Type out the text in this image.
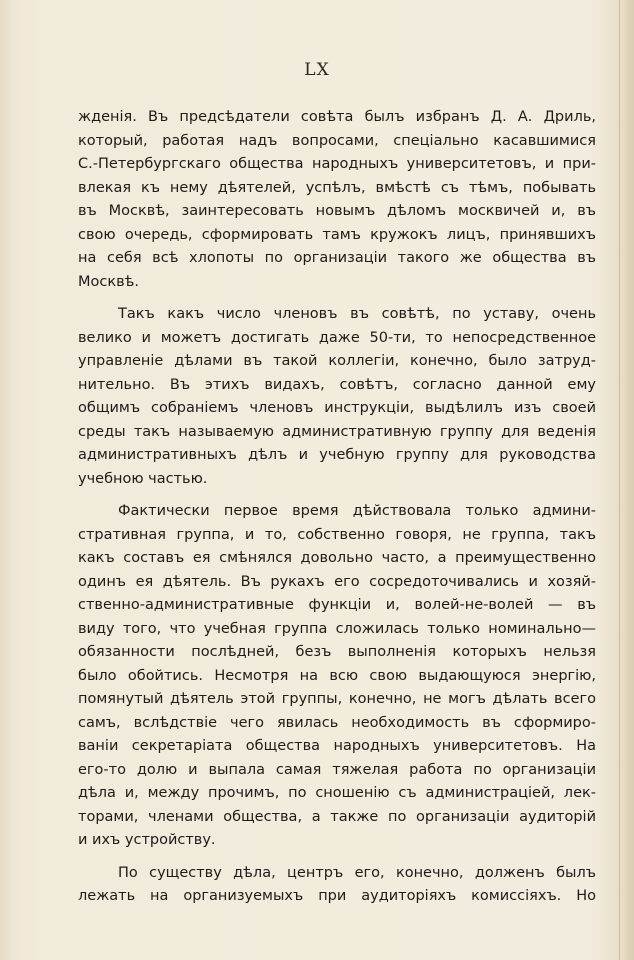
LX

жденія. Въ предсѣдатели совѣта былъ избранъ Д. А. Дриль,
который, работая надъ вопросами, спеціально касавшимися
С.-Петербургскаго общества народныхъ университетовъ, и при-
влекая къ нему дѣятелей, успѣлъ, вмѣстѣ съ тѣмъ, побывать
въ Москвѣ, заинтересовать новымъ дѣломъ москвичей и, въ
свою очередь, сформировать тамъ кружокъ лицъ, принявшихъ
на себя всѣ хлопоты по организаціи такого же общества въ
Москвѣ.

Такъ какъ число членовъ въ совѣтѣ, по уставу, очень
велико и можетъ достигать даже 50-ти, то непосредственное
управленіе дѣлами въ такой коллегіи, конечно, было затруд-
нительно. Въ этихъ видахъ, совѣтъ, согласно данной ему
общимъ собраніемъ членовъ инструкціи, выдѣлилъ изъ своей
среды такъ называемую административную группу для веденія
административныхъ дѣлъ и учебную группу для руководства
учебною частью.

Фактически первое время дѣйствовала только админи-
стративная группа, и то, собственно говоря, не группа, такъ
какъ составъ ея смѣнялся довольно часто, а преимущественно
одинъ ея дѣятель. Въ рукахъ его сосредоточивались и хозяй-
ственно-административные функціи и, волей-не-волей — въ
виду того, что учебная группа сложилась только номинально—
обязанности послѣдней, безъ выполненія которыхъ нельзя
было обойтись. Несмотря на всю свою выдающуюся энергію,
помянутый дѣятель этой группы, конечно, не могъ дѣлать всего
самъ, вслѣдствіе чего явилась необходимость въ сформиро-
ваніи секретаріата общества народныхъ университетовъ. На
его-то долю и выпала самая тяжелая работа по организаціи
дѣла и, между прочимъ, по сношенію съ администраціей, лек-
торами, членами общества, а также по организаціи аудиторій
и ихъ устройству.

По существу дѣла, центръ его, конечно, долженъ былъ
лежать на организуемыхъ при аудиторіяхъ комиссіяхъ. Но
